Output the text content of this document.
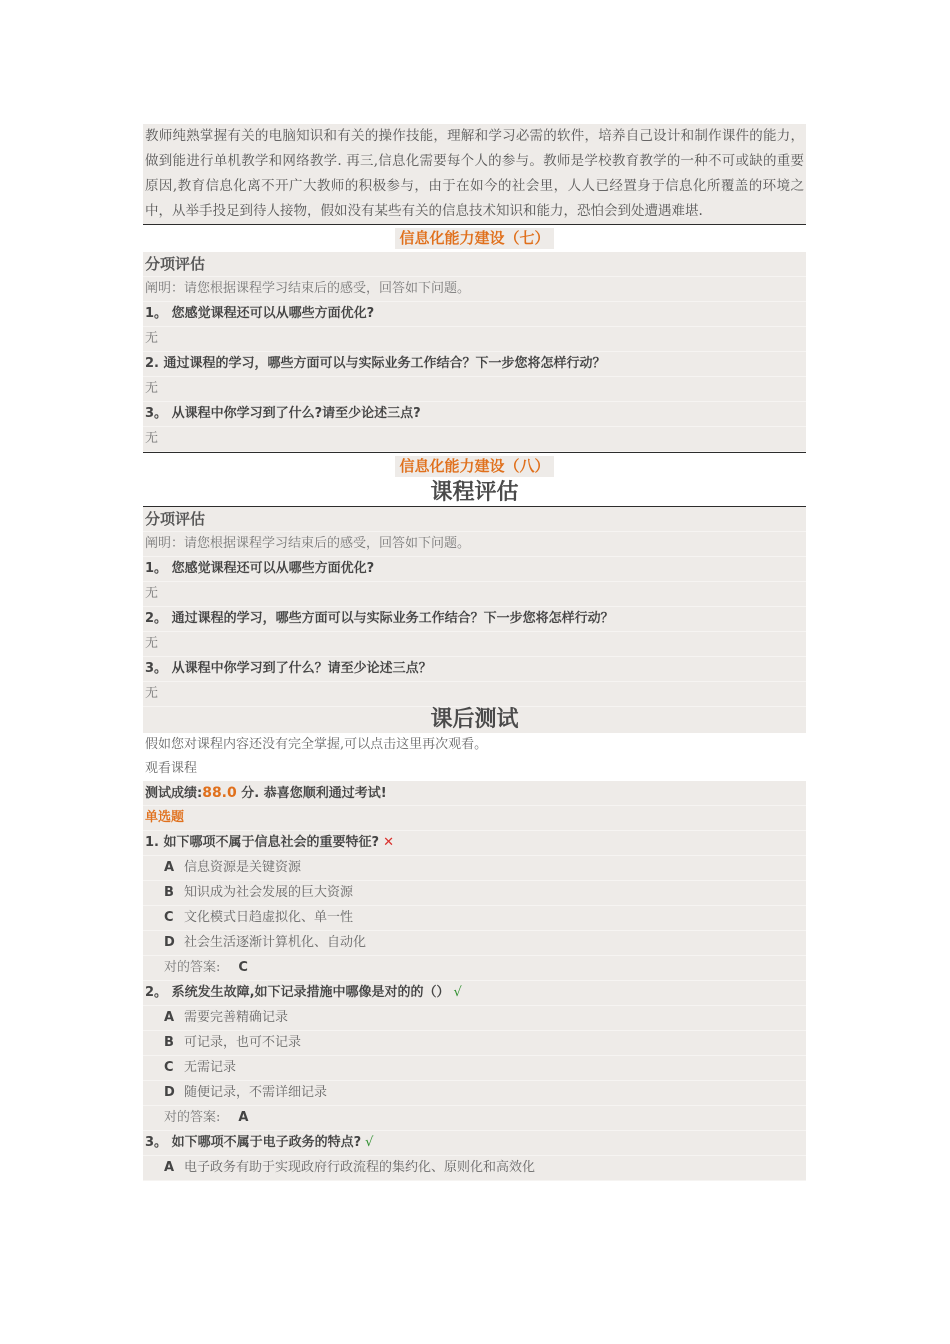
教师纯熟掌握有关的电脑知识和有关的操作技能，理解和学习必需的软件，培养自己设计和制作课件的能力，做到能进行单机教学和网络教学. 再三,信息化需要每个人的参与。教师是学校教育教学的一种不可或缺的重要原因,教育信息化离不开广大教师的积极参与，由于在如今的社会里，人人已经置身于信息化所覆盖的环境之中，从举手投足到待人接物，假如没有某些有关的信息技术知识和能力，恐怕会到处遭遇难堪.

信息化能力建设（七）
分项评估
阐明：请您根据课程学习结束后的感受，回答如下问题。
1。 您感觉课程还可以从哪些方面优化?
无
2. 通过课程的学习，哪些方面可以与实际业务工作结合？下一步您将怎样行动？
无
3。 从课程中你学习到了什么?请至少论述三点?
无
信息化能力建设（八）
课程评估
分项评估
阐明：请您根据课程学习结束后的感受，回答如下问题。
1。 您感觉课程还可以从哪些方面优化?
无
2。 通过课程的学习，哪些方面可以与实际业务工作结合？下一步您将怎样行动？
无
3。 从课程中你学习到了什么？请至少论述三点？
无
课后测试
假如您对课程内容还没有完全掌握,可以点击这里再次观看。
观看课程
测试成绩:88.0 分. 恭喜您顺利通过考试!
单选题
1. 如下哪项不属于信息社会的重要特征? ✕
A 信息资源是关键资源
B 知识成为社会发展的巨大资源
C 文化模式日趋虚拟化、单一性
D 社会生活逐渐计算机化、自动化
对的答案: C
2。 系统发生故障,如下记录措施中哪像是对的的（） √
A 需要完善精确记录
B 可记录，也可不记录
C 无需记录
D 随便记录，不需详细记录
对的答案: A
3。 如下哪项不属于电子政务的特点? √
A 电子政务有助于实现政府行政流程的集约化、原则化和高效化
